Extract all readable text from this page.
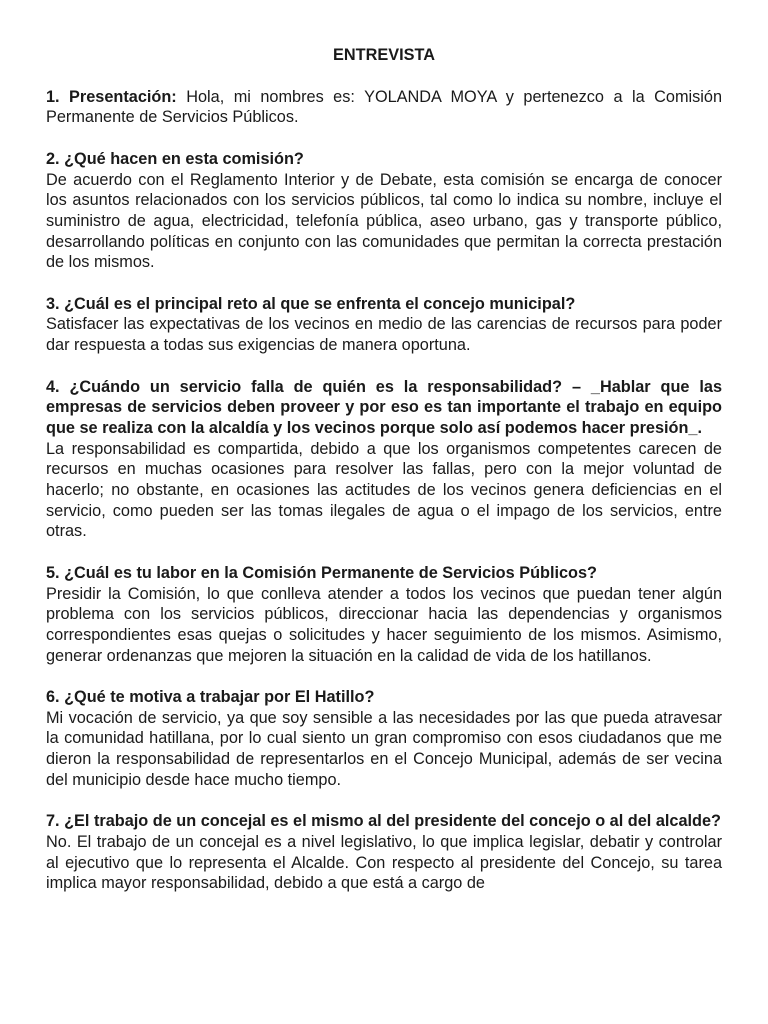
ENTREVISTA

1. Presentación: Hola, mi nombres es: YOLANDA MOYA y pertenezco a la Comisión Permanente de Servicios Públicos.

2. ¿Qué hacen en esta comisión?

De acuerdo con el Reglamento Interior y de Debate, esta comisión se encarga de conocer los asuntos relacionados con los servicios públicos, tal como lo indica su nombre, incluye el suministro de agua, electricidad, telefonía pública, aseo urbano, gas y transporte público, desarrollando políticas en conjunto con las comunidades que permitan la correcta prestación de los mismos.

3. ¿Cuál es el principal reto al que se enfrenta el concejo municipal?

Satisfacer las expectativas de los vecinos en medio de las carencias de recursos para poder dar respuesta a todas sus exigencias de manera oportuna.

4. ¿Cuándo un servicio falla de quién es la responsabilidad? – _Hablar que las empresas de servicios deben proveer y por eso es tan importante el trabajo en equipo que se realiza con la alcaldía y los vecinos porque solo así podemos hacer presión_.

La responsabilidad es compartida, debido a que los organismos competentes carecen de recursos en muchas ocasiones para resolver las fallas, pero con la mejor voluntad de hacerlo; no obstante, en ocasiones las actitudes de los vecinos genera deficiencias en el servicio, como pueden ser las tomas ilegales de agua o el impago de los servicios, entre otras.

5. ¿Cuál es tu labor en la Comisión Permanente de Servicios Públicos?

Presidir la Comisión, lo que conlleva atender a todos los vecinos que puedan tener algún problema con los servicios públicos, direccionar hacia las dependencias y organismos correspondientes esas quejas o solicitudes y hacer seguimiento de los mismos. Asimismo, generar ordenanzas que mejoren la situación en la calidad de vida de los hatillanos.

6. ¿Qué te motiva a trabajar por El Hatillo?

Mi vocación de servicio, ya que soy sensible a las necesidades por las que pueda atravesar la comunidad hatillana, por lo cual siento un gran compromiso con esos ciudadanos que me dieron la responsabilidad de representarlos en el Concejo Municipal, además de ser vecina del municipio desde hace mucho tiempo.

7. ¿El trabajo de un concejal es el mismo al del presidente del concejo o al del alcalde?

No. El trabajo de un concejal es a nivel legislativo, lo que implica legislar, debatir y controlar al ejecutivo que lo representa el Alcalde. Con respecto al presidente del Concejo, su tarea implica mayor responsabilidad, debido a que está a cargo de
